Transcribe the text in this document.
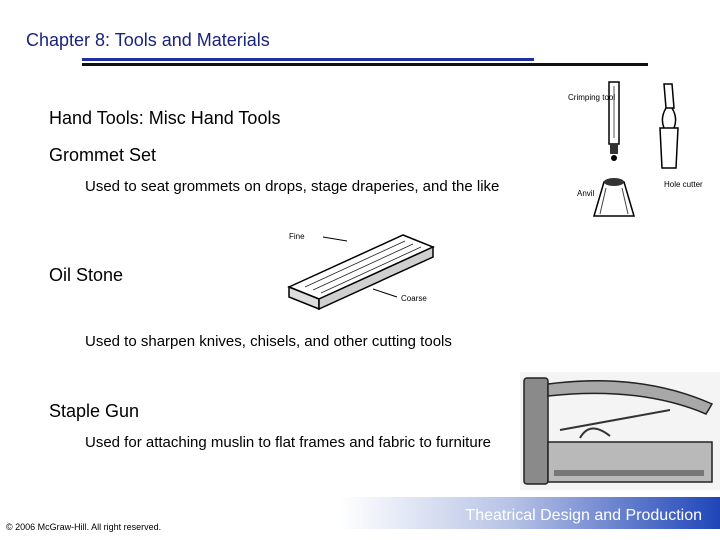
Chapter 8: Tools and Materials
Hand Tools: Misc Hand Tools
Grommet Set
Used to seat grommets on drops, stage draperies, and the like
Oil Stone
Used to sharpen knives, chisels, and other cutting tools
Staple Gun
Used for attaching muslin to flat frames and fabric to furniture
Crimping tool
Anvil
Hole cutter
Fine
Coarse
Theatrical Design and Production
© 2006 McGraw-Hill. All right reserved.
